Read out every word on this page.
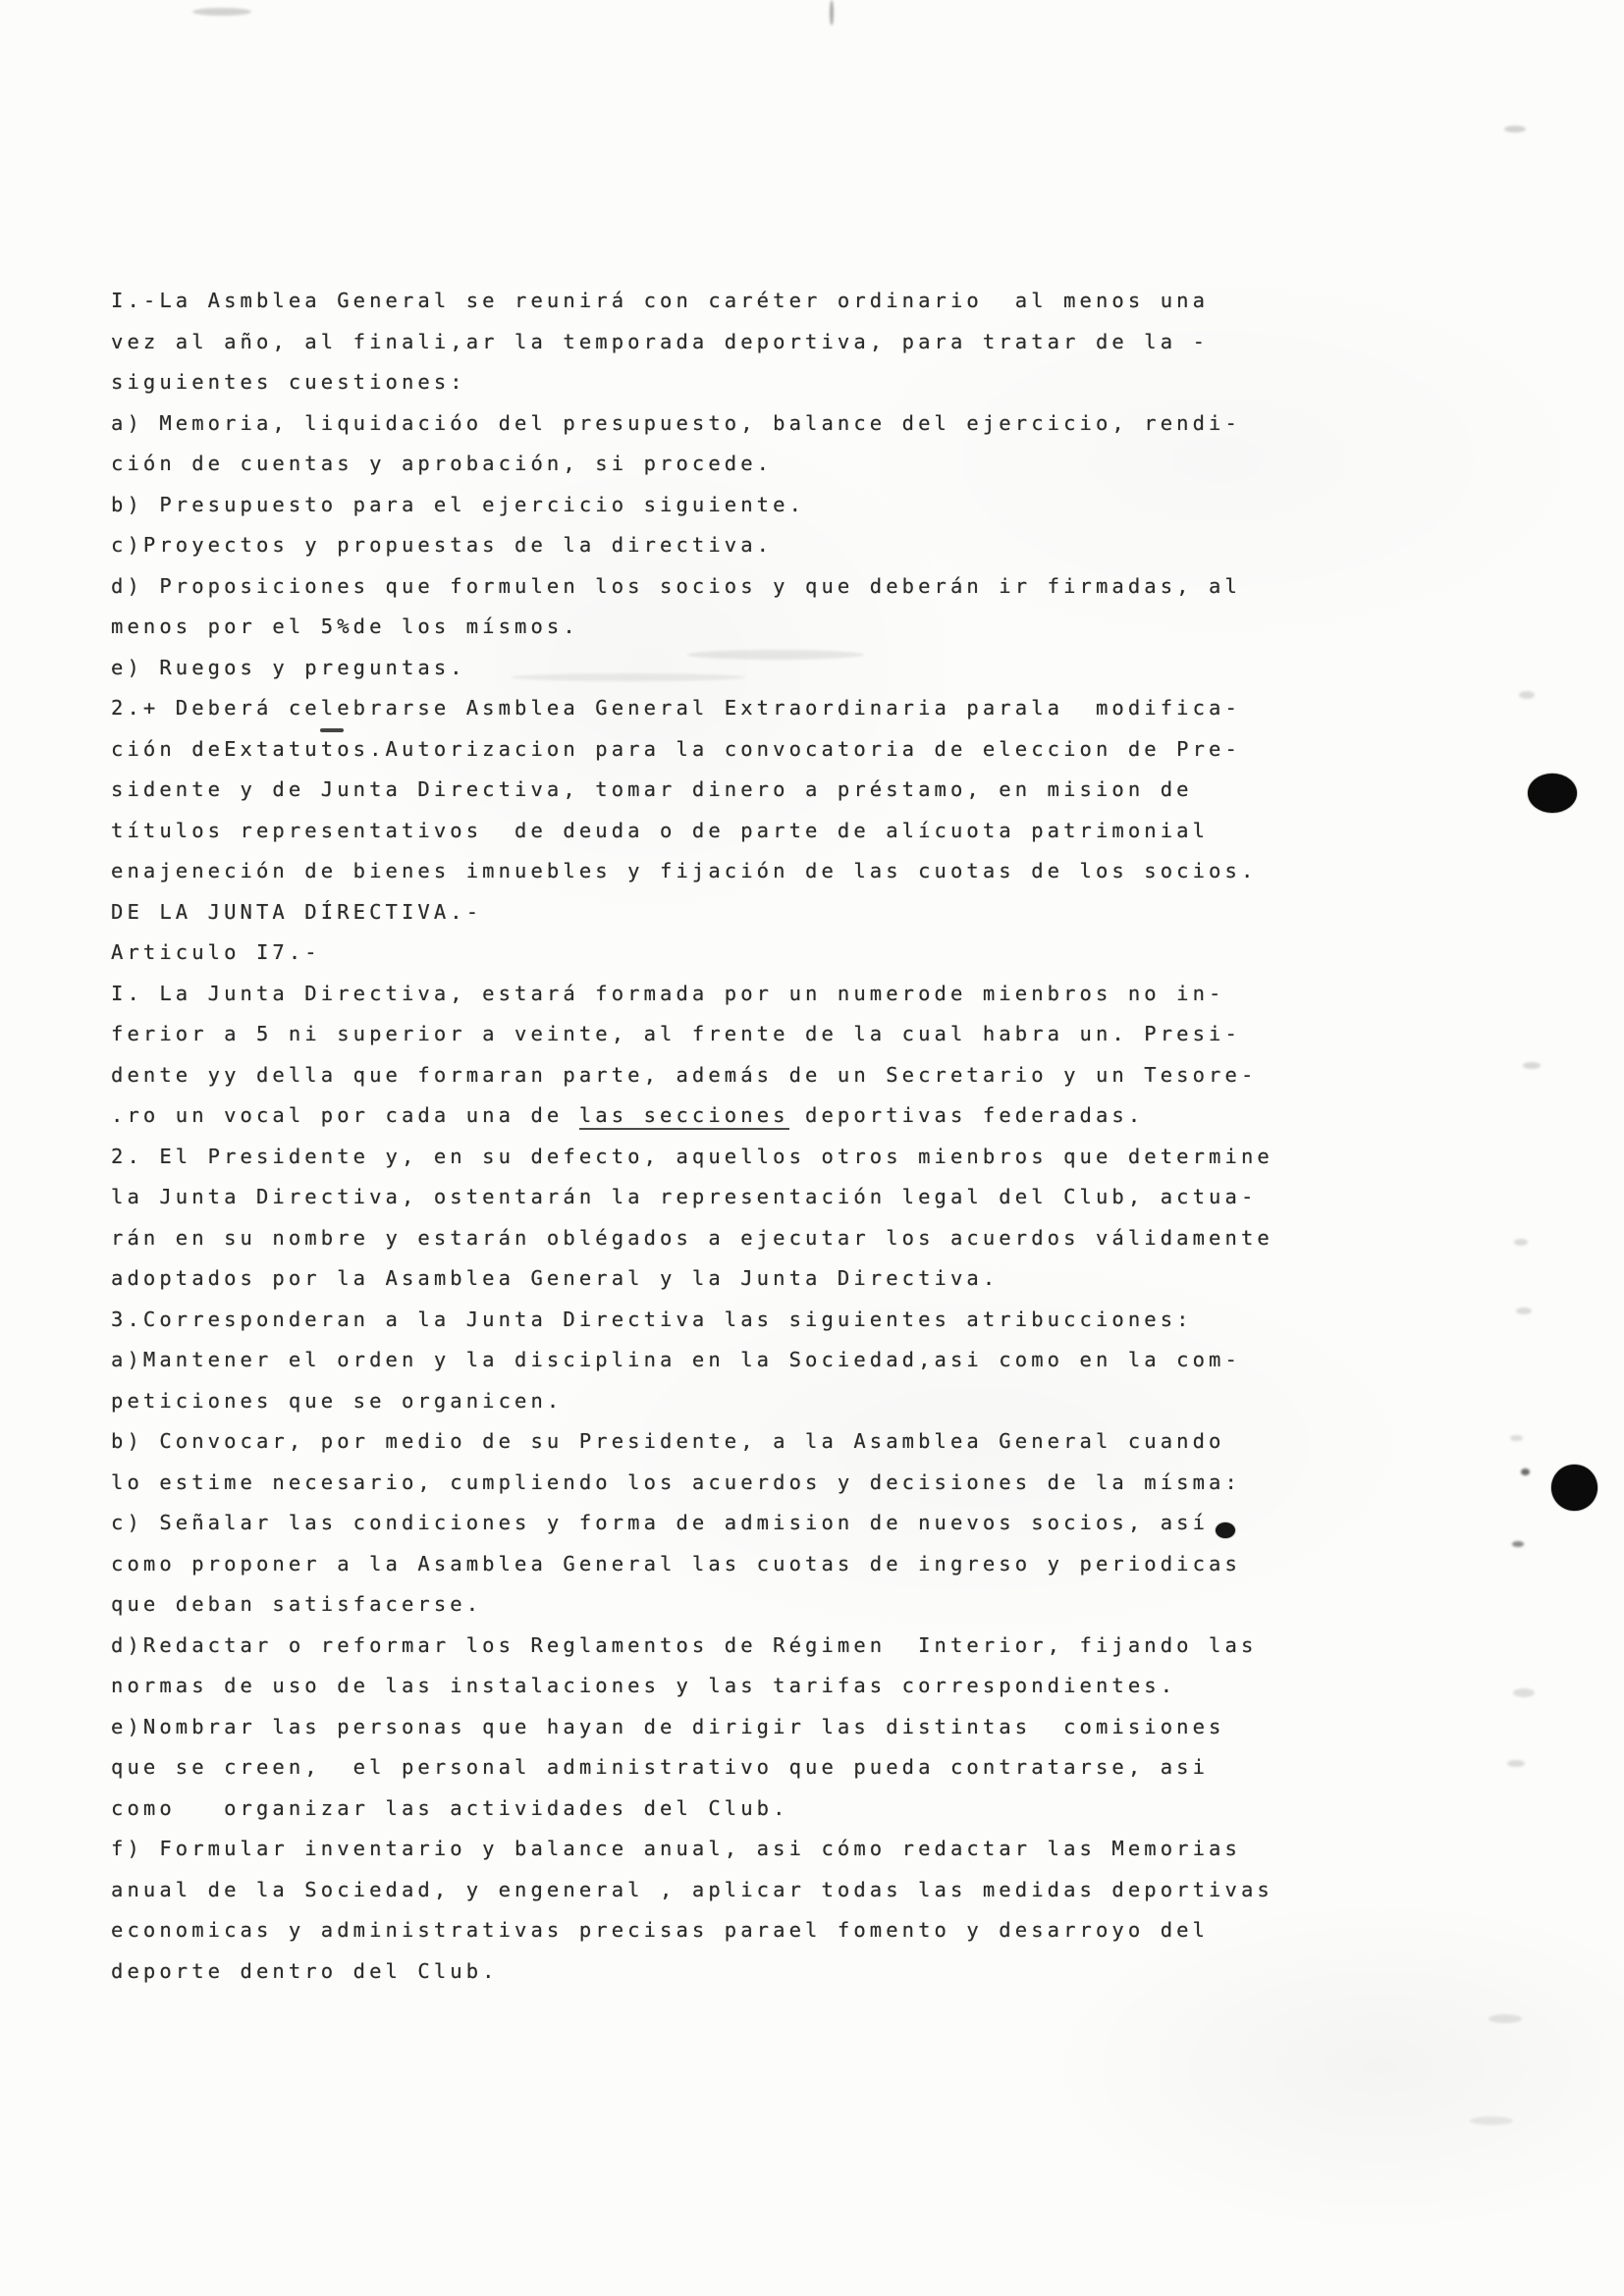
I.-La Asmblea General se reunirá con caréter ordinario  al menos una
vez al año, al finali,ar la temporada deportiva, para tratar de la -
siguientes cuestiones:
a) Memoria, liquidacióo del presupuesto, balance del ejercicio, rendi-
ción de cuentas y aprobación, si procede.
b) Presupuesto para el ejercicio siguiente.
c)Proyectos y propuestas de la directiva.
d) Proposiciones que formulen los socios y que deberán ir firmadas, al
menos por el 5%de los mísmos.
e) Ruegos y preguntas.
2.+ Deberá celebrarse Asmblea General Extraordinaria parala  modifica-
ción deExtatutos.Autorizacion para la convocatoria de eleccion de Pre-
sidente y de Junta Directiva, tomar dinero a préstamo, en mision de
títulos representativos  de deuda o de parte de alícuota patrimonial
enajeneción de bienes imnuebles y fijación de las cuotas de los socios.
DE LA JUNTA DÍRECTIVA.-
Articulo I7.-
I. La Junta Directiva, estará formada por un numerode mienbros no in-
ferior a 5 ni superior a veinte, al frente de la cual habra un. Presi-
dente yy della que formaran parte, además de un Secretario y un Tesore-
.ro un vocal por cada una de las secciones deportivas federadas.
2. El Presidente y, en su defecto, aquellos otros mienbros que determine
la Junta Directiva, ostentarán la representación legal del Club, actua-
rán en su nombre y estarán oblégados a ejecutar los acuerdos válidamente
adoptados por la Asamblea General y la Junta Directiva.
3.Corresponderan a la Junta Directiva las siguientes atribucciones:
a)Mantener el orden y la disciplina en la Sociedad,asi como en la com-
peticiones que se organicen.
b) Convocar, por medio de su Presidente, a la Asamblea General cuando
lo estime necesario, cumpliendo los acuerdos y decisiones de la mísma:
c) Señalar las condiciones y forma de admision de nuevos socios, así
como proponer a la Asamblea General las cuotas de ingreso y periodicas
que deban satisfacerse.
d)Redactar o reformar los Reglamentos de Régimen  Interior, fijando las
normas de uso de las instalaciones y las tarifas correspondientes.
e)Nombrar las personas que hayan de dirigir las distintas  comisiones
que se creen,  el personal administrativo que pueda contratarse, asi
como   organizar las actividades del Club.
f) Formular inventario y balance anual, asi cómo redactar las Memorias
anual de la Sociedad, y engeneral , aplicar todas las medidas deportivas
economicas y administrativas precisas parael fomento y desarroyo del
deporte dentro del Club.
